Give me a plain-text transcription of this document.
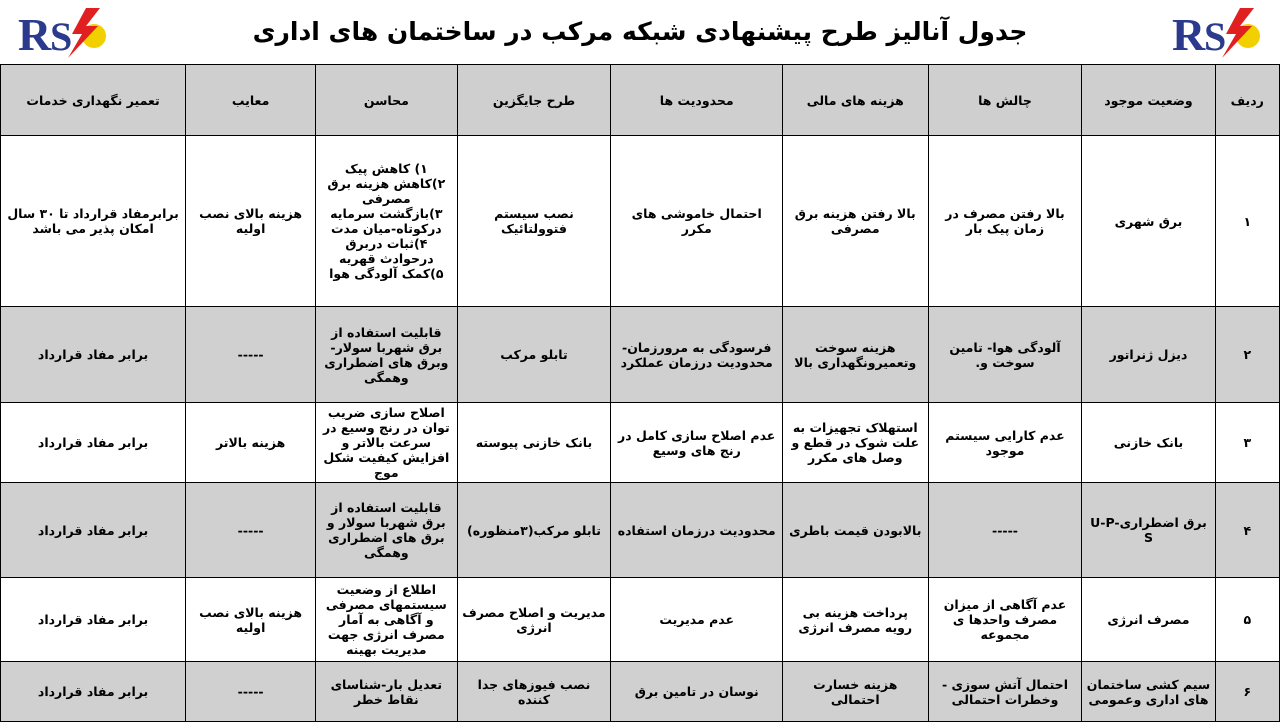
R
S
جدول آنالیز طرح پیشنهادی شبکه مرکب در ساختمان های اداری
R
S
ردیف	وضعیت موجود	چالش ها	هزینه های مالی	محدودیت ها	طرح جایگزین	محاسن	معایب	تعمیر نگهداری خدمات
۱	برق شهری	بالا رفتن مصرف در زمان پیک بار	بالا رفتن هزینه برق مصرفی	احتمال خاموشی های مکرر	نصب سیستم فتوولتائیک	۱) کاهش پیک
۲)کاهش هزینه برق مصرفی
۳)بازگشت سرمایه درکوتاه-میان مدت
۴)ثبات دربرق درحوادث قهریه
۵)کمک آلودگی هوا	هزینه بالای نصب اولیه	برابرمفاد قرارداد تا ۳۰ سال امکان پذیر می باشد
۲	دیزل ژنراتور	آلودگی هوا- تامین سوخت و.	هزینه سوخت وتعمیرونگهداری بالا	فرسودگی به مرورزمان-محدودیت درزمان عملکرد	تابلو مرکب	قابلیت استفاده از برق شهربا سولار-وبرق های اضطراری وهمگی	-----	برابر مفاد قرارداد
۳	بانک خازنی	عدم کارایی سیستم موجود	استهلاک تجهیزات به علت شوک در قطع و وصل های مکرر	عدم اصلاح سازی کامل در رنج های وسیع	بانک خازنی پیوسته	اصلاح سازی ضریب توان در رنج وسیع در سرعت بالاتر و افزایش کیفیت شکل موج	هزینه بالاتر	برابر مفاد قرارداد
۴	برق اضطراریU-P-S	-----	بالابودن قیمت باطری	محدودیت درزمان استفاده	تابلو مرکب(۳منظوره)	قابلیت استفاده از برق شهربا سولار و برق های اضطراری وهمگی	-----	برابر مفاد قرارداد
۵	مصرف انرژی	عدم آگاهی از میزان مصرف واحدها ی مجموعه	پرداخت هزینه بی رویه مصرف انرژی	عدم مدیریت	مدیریت و اصلاح مصرف انرژی	اطلاع از وضعیت سیستمهای مصرفی و آگاهی به آمار مصرف انرژی جهت مدیریت بهینه	هزینه بالای نصب اولیه	برابر مفاد قرارداد
۶	سیم کشی ساختمان های اداری وعمومی	احتمال آتش سوزی - وخطرات احتمالی	هزینه خسارت احتمالی	نوسان در تامین برق	نصب فیوزهای جدا کننده	تعدیل بار-شناسای نقاط خطر	-----	برابر مفاد قرارداد
